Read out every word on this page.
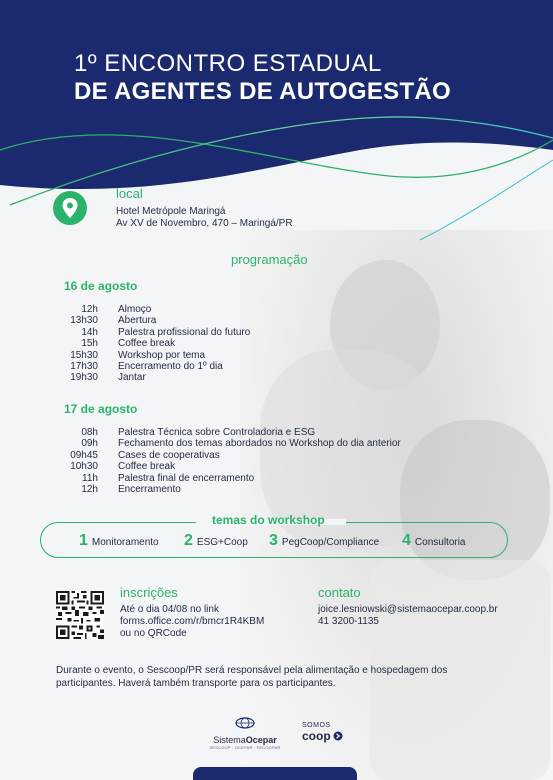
1º ENCONTRO ESTADUAL
DE AGENTES DE AUTOGESTÃO
local
Hotel Metrópole Maringá
Av XV de Novembro, 470 – Maringá/PR
programação
16 de agosto
12h	Almoço
13h30	Abertura
14h	Palestra profissional do futuro
15h	Coffee break
15h30	Workshop por tema
17h30	Encerramento do 1º dia
19h30	Jantar
17 de agosto
08h	Palestra Técnica sobre Controladoria e ESG
09h	Fechamento dos temas abordados no Workshop do dia anterior
09h45	Cases de cooperativas
10h30	Coffee break
11h	Palestra final de encerramento
12h	Encerramento
temas do workshop
1 Monitoramento 2 ESG+Coop 3 PegCoop/Compliance 4 Consultoria
inscrições
Até o dia 04/08 no link
forms.office.com/r/bmcr1R4KBM
ou no QRCode
contato
joice.lesniowski@sistemaocepar.coop.br
41 3200-1135
Durante o evento, o Sescoop/PR será responsável pela alimentação e hospedagem dos participantes. Haverá também transporte para os participantes.
SistemaOcepar
SESCOOP · OCEPAR · FECOOPAR
SOMOS
coop
